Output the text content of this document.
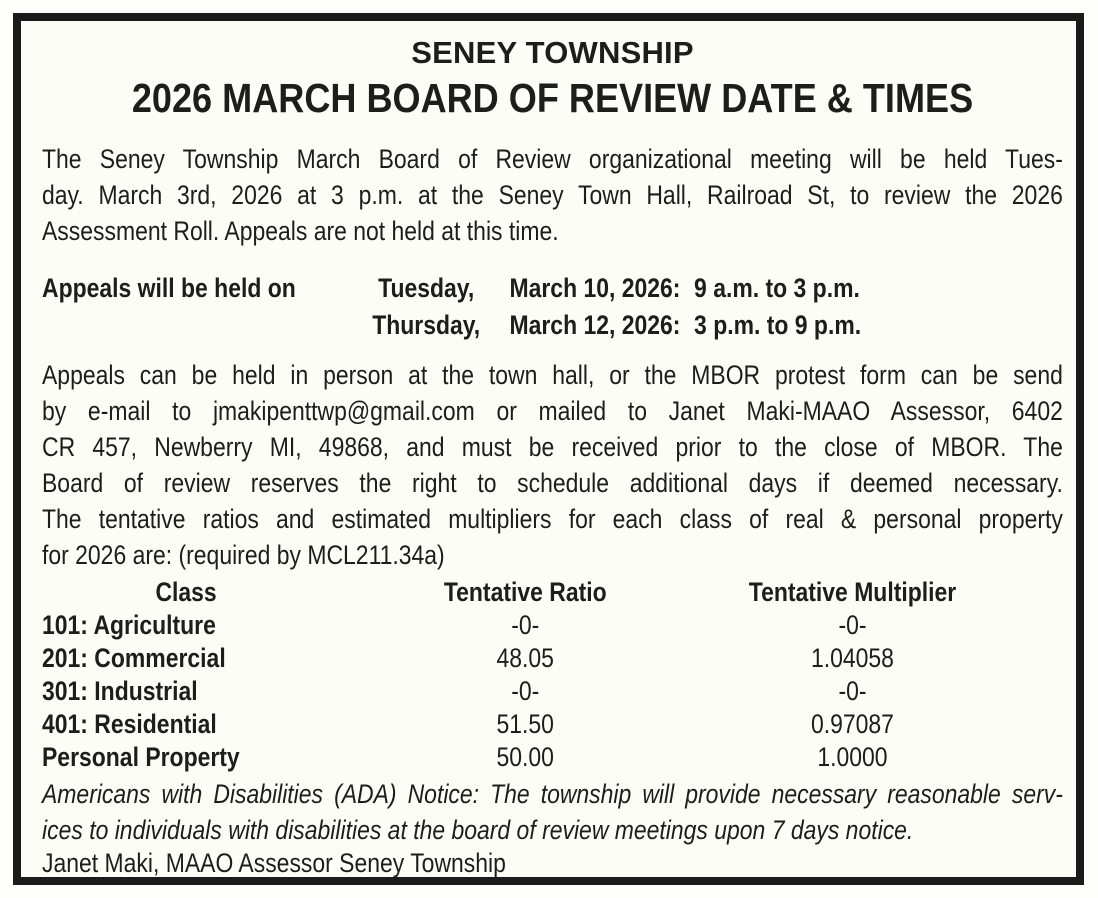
SENEY TOWNSHIP
2026 MARCH BOARD OF REVIEW DATE & TIMES
The Seney Township March Board of Review organizational meeting will be held Tues-
day. March 3rd, 2026 at 3 p.m. at the Seney Town Hall, Railroad St, to review the 2026
Assessment Roll. Appeals are not held at this time.
Appeals will be held on	Tuesday,	March 10, 2026: 9 a.m. to 3 p.m.
Thursday,	March 12, 2026: 3 p.m. to 9 p.m.
Appeals can be held in person at the town hall, or the MBOR protest form can be send
by e-mail to jmakipenttwp@gmail.com or mailed to Janet Maki-MAAO Assessor, 6402
CR 457, Newberry MI, 49868, and must be received prior to the close of MBOR. The
Board of review reserves the right to schedule additional days if deemed necessary.
The tentative ratios and estimated multipliers for each class of real & personal property
for 2026 are: (required by MCL211.34a)
Class	Tentative Ratio	Tentative Multiplier
101: Agriculture	-0-	-0-
201: Commercial	48.05	1.04058
301: Industrial	-0-	-0-
401: Residential	51.50	0.97087
Personal Property	50.00	1.0000
Americans with Disabilities (ADA) Notice: The township will provide necessary reasonable serv-
ices to individuals with disabilities at the board of review meetings upon 7 days notice.
Janet Maki, MAAO Assessor Seney Township
